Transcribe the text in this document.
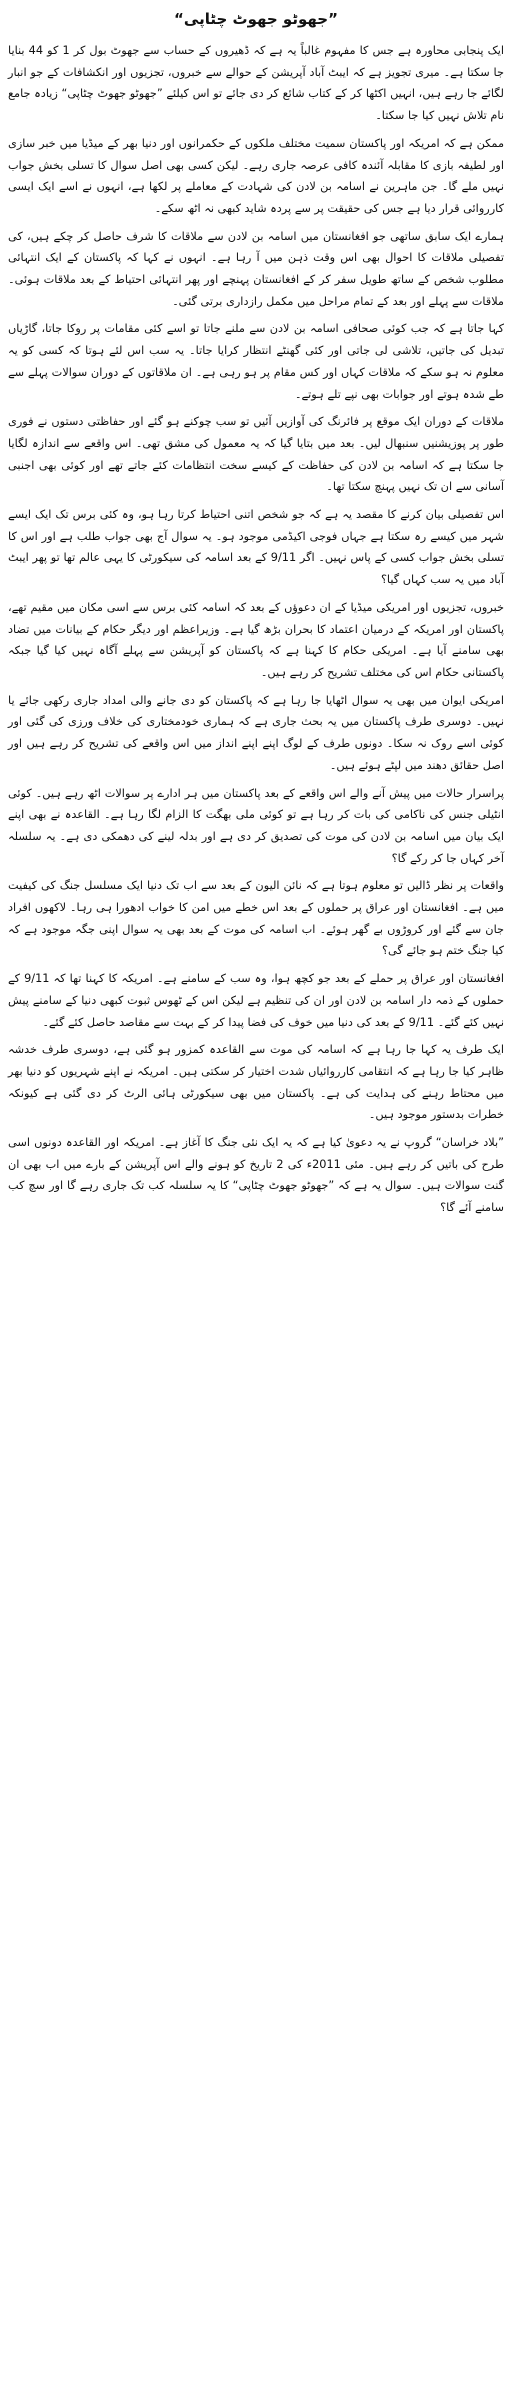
”جھوٹو جھوٹ چٹاپی“

ایک پنجابی محاورہ ہے جس کا مفہوم غالباً یہ ہے کہ ڈھیروں کے حساب سے جھوٹ بول کر 1 کو 44 بنایا جا سکتا ہے۔ میری تجویز ہے کہ ایبٹ آباد آپریشن کے حوالے سے خبروں، تجزیوں اور انکشافات کے جو انبار لگائے جا رہے ہیں، انہیں اکٹھا کر کے کتاب شائع کر دی جائے تو اس کیلئے ”جھوٹو جھوٹ چٹاپی“ زیادہ جامع نام تلاش نہیں کیا جا سکتا۔

ممکن ہے کہ امریکہ اور پاکستان سمیت مختلف ملکوں کے حکمرانوں اور دنیا بھر کے میڈیا میں خبر سازی اور لطیفہ بازی کا مقابلہ آئندہ کافی عرصہ جاری رہے۔ لیکن کسی بھی اصل سوال کا تسلی بخش جواب نہیں ملے گا۔ جن ماہرین نے اسامہ بن لادن کی شہادت کے معاملے پر لکھا ہے، انہوں نے اسے ایک ایسی کارروائی قرار دیا ہے جس کی حقیقت پر سے پردہ شاید کبھی نہ اٹھ سکے۔

ہمارے ایک سابق ساتھی جو افغانستان میں اسامہ بن لادن سے ملاقات کا شرف حاصل کر چکے ہیں، کی تفصیلی ملاقات کا احوال بھی اس وقت ذہن میں آ رہا ہے۔ انہوں نے کہا کہ پاکستان کے ایک انتہائی مطلوب شخص کے ساتھ طویل سفر کر کے افغانستان پہنچے اور پھر انتہائی احتیاط کے بعد ملاقات ہوئی۔ ملاقات سے پہلے اور بعد کے تمام مراحل میں مکمل رازداری برتی گئی۔

کہا جاتا ہے کہ جب کوئی صحافی اسامہ بن لادن سے ملنے جاتا تو اسے کئی مقامات پر روکا جاتا، گاڑیاں تبدیل کی جاتیں، تلاشی لی جاتی اور کئی گھنٹے انتظار کرایا جاتا۔ یہ سب اس لئے ہوتا کہ کسی کو یہ معلوم نہ ہو سکے کہ ملاقات کہاں اور کس مقام پر ہو رہی ہے۔ ان ملاقاتوں کے دوران سوالات پہلے سے طے شدہ ہوتے اور جوابات بھی نپے تلے ہوتے۔

ملاقات کے دوران ایک موقع پر فائرنگ کی آوازیں آئیں تو سب چوکنے ہو گئے اور حفاظتی دستوں نے فوری طور پر پوزیشنیں سنبھال لیں۔ بعد میں بتایا گیا کہ یہ معمول کی مشق تھی۔ اس واقعے سے اندازہ لگایا جا سکتا ہے کہ اسامہ بن لادن کی حفاظت کے کیسے سخت انتظامات کئے جاتے تھے اور کوئی بھی اجنبی آسانی سے ان تک نہیں پہنچ سکتا تھا۔

اس تفصیلی بیان کرنے کا مقصد یہ ہے کہ جو شخص اتنی احتیاط کرتا رہا ہو، وہ کئی برس تک ایک ایسے شہر میں کیسے رہ سکتا ہے جہاں فوجی اکیڈمی موجود ہو۔ یہ سوال آج بھی جواب طلب ہے اور اس کا تسلی بخش جواب کسی کے پاس نہیں۔ اگر 9/11 کے بعد اسامہ کی سیکورٹی کا یہی عالم تھا تو پھر ایبٹ آباد میں یہ سب کہاں گیا؟

خبروں، تجزیوں اور امریکی میڈیا کے ان دعوؤں کے بعد کہ اسامہ کئی برس سے اسی مکان میں مقیم تھے، پاکستان اور امریکہ کے درمیان اعتماد کا بحران بڑھ گیا ہے۔ وزیراعظم اور دیگر حکام کے بیانات میں تضاد بھی سامنے آیا ہے۔ امریکی حکام کا کہنا ہے کہ پاکستان کو آپریشن سے پہلے آگاہ نہیں کیا گیا جبکہ پاکستانی حکام اس کی مختلف تشریح کر رہے ہیں۔

امریکی ایوان میں بھی یہ سوال اٹھایا جا رہا ہے کہ پاکستان کو دی جانے والی امداد جاری رکھی جائے یا نہیں۔ دوسری طرف پاکستان میں یہ بحث جاری ہے کہ ہماری خودمختاری کی خلاف ورزی کی گئی اور کوئی اسے روک نہ سکا۔ دونوں طرف کے لوگ اپنے اپنے انداز میں اس واقعے کی تشریح کر رہے ہیں اور اصل حقائق دھند میں لپٹے ہوئے ہیں۔

پراسرار حالات میں پیش آنے والے اس واقعے کے بعد پاکستان میں ہر ادارے پر سوالات اٹھ رہے ہیں۔ کوئی انٹیلی جنس کی ناکامی کی بات کر رہا ہے تو کوئی ملی بھگت کا الزام لگا رہا ہے۔ القاعدہ نے بھی اپنے ایک بیان میں اسامہ بن لادن کی موت کی تصدیق کر دی ہے اور بدلہ لینے کی دھمکی دی ہے۔ یہ سلسلہ آخر کہاں جا کر رکے گا؟

واقعات پر نظر ڈالیں تو معلوم ہوتا ہے کہ نائن الیون کے بعد سے اب تک دنیا ایک مسلسل جنگ کی کیفیت میں ہے۔ افغانستان اور عراق پر حملوں کے بعد اس خطے میں امن کا خواب ادھورا ہی رہا۔ لاکھوں افراد جان سے گئے اور کروڑوں بے گھر ہوئے۔ اب اسامہ کی موت کے بعد بھی یہ سوال اپنی جگہ موجود ہے کہ کیا جنگ ختم ہو جائے گی؟

افغانستان اور عراق پر حملے کے بعد جو کچھ ہوا، وہ سب کے سامنے ہے۔ امریکہ کا کہنا تھا کہ 9/11 کے حملوں کے ذمہ دار اسامہ بن لادن اور ان کی تنظیم ہے لیکن اس کے ٹھوس ثبوت کبھی دنیا کے سامنے پیش نہیں کئے گئے۔ 9/11 کے بعد کی دنیا میں خوف کی فضا پیدا کر کے بہت سے مقاصد حاصل کئے گئے۔

ایک طرف یہ کہا جا رہا ہے کہ اسامہ کی موت سے القاعدہ کمزور ہو گئی ہے، دوسری طرف خدشہ ظاہر کیا جا رہا ہے کہ انتقامی کارروائیاں شدت اختیار کر سکتی ہیں۔ امریکہ نے اپنے شہریوں کو دنیا بھر میں محتاط رہنے کی ہدایت کی ہے۔ پاکستان میں بھی سیکورٹی ہائی الرٹ کر دی گئی ہے کیونکہ خطرات بدستور موجود ہیں۔

”بلاد خراسان“ گروپ نے یہ دعویٰ کیا ہے کہ یہ ایک نئی جنگ کا آغاز ہے۔ امریکہ اور القاعدہ دونوں اسی طرح کی باتیں کر رہے ہیں۔ مئی 2011ء کی 2 تاریخ کو ہونے والے اس آپریشن کے بارے میں اب بھی ان گنت سوالات ہیں۔ سوال یہ ہے کہ ”جھوٹو جھوٹ چٹاپی“ کا یہ سلسلہ کب تک جاری رہے گا اور سچ کب سامنے آئے گا؟
